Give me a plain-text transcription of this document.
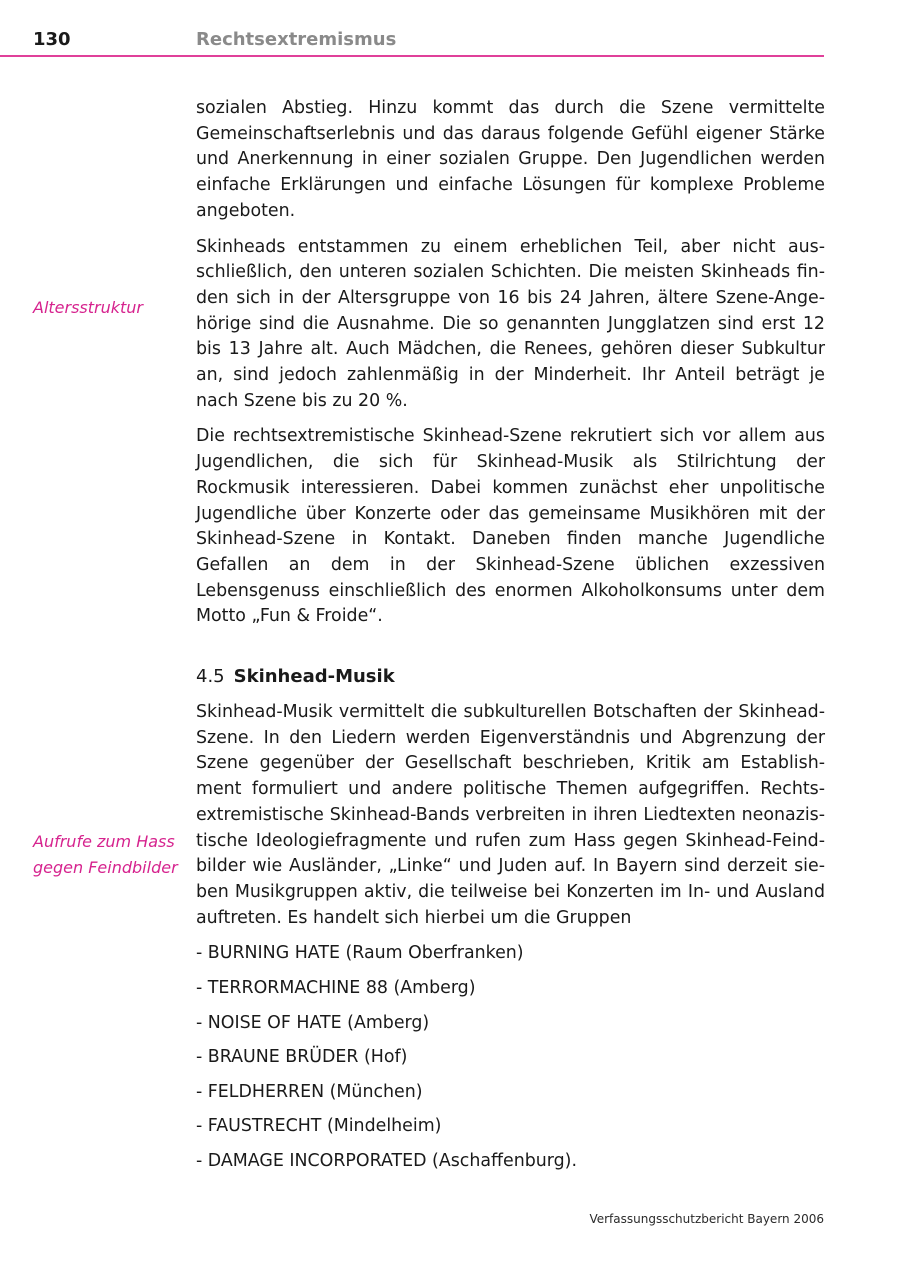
130	Rechtsextremismus
Altersstruktur
Aufrufe zum Hass
gegen Feindbilder

sozialen Abstieg. Hinzu kommt das durch die Szene vermittelte Gemeinschaftserlebnis und das daraus folgende Gefühl eigener Stärke und Anerkennung in einer sozialen Gruppe. Den Jugendlichen werden einfache Erklärungen und einfache Lösungen für komplexe Probleme angeboten.

Skinheads entstammen zu einem erheblichen Teil, aber nicht ausschließlich, den unteren sozialen Schichten. Die meisten Skinheads finden sich in der Altersgruppe von 16 bis 24 Jahren, ältere Szene-Angehörige sind die Ausnahme. Die so genannten Jungglatzen sind erst 12 bis 13 Jahre alt. Auch Mädchen, die Renees, gehören dieser Subkultur an, sind jedoch zahlenmäßig in der Minderheit. Ihr Anteil beträgt je nach Szene bis zu 20 %.

Die rechtsextremistische Skinhead-Szene rekrutiert sich vor allem aus Jugendlichen, die sich für Skinhead-Musik als Stilrichtung der Rockmusik interessieren. Dabei kommen zunächst eher unpolitische Jugendliche über Konzerte oder das gemeinsame Musikhören mit der Skinhead-Szene in Kontakt. Daneben finden manche Jugendliche Gefallen an dem in der Skinhead-Szene üblichen exzessiven Lebensgenuss einschließlich des enormen Alkoholkonsums unter dem Motto „Fun & Froide“.

4.5 Skinhead-Musik

Skinhead-Musik vermittelt die subkulturellen Botschaften der Skinhead-Szene. In den Liedern werden Eigenverständnis und Abgrenzung der Szene gegenüber der Gesellschaft beschrieben, Kritik am Establishment formuliert und andere politische Themen aufgegriffen. Rechtsextremistische Skinhead-Bands verbreiten in ihren Liedtexten neonazistische Ideologiefragmente und rufen zum Hass gegen Skinhead-Feindbilder wie Ausländer, „Linke“ und Juden auf. In Bayern sind derzeit sieben Musikgruppen aktiv, die teilweise bei Konzerten im In- und Ausland auftreten. Es handelt sich hierbei um die Gruppen

- BURNING HATE (Raum Oberfranken)
- TERRORMACHINE 88 (Amberg)
- NOISE OF HATE (Amberg)
- BRAUNE BRÜDER (Hof)
- FELDHERREN (München)
- FAUSTRECHT (Mindelheim)
- DAMAGE INCORPORATED (Aschaffenburg).
Verfassungsschutzbericht Bayern 2006
